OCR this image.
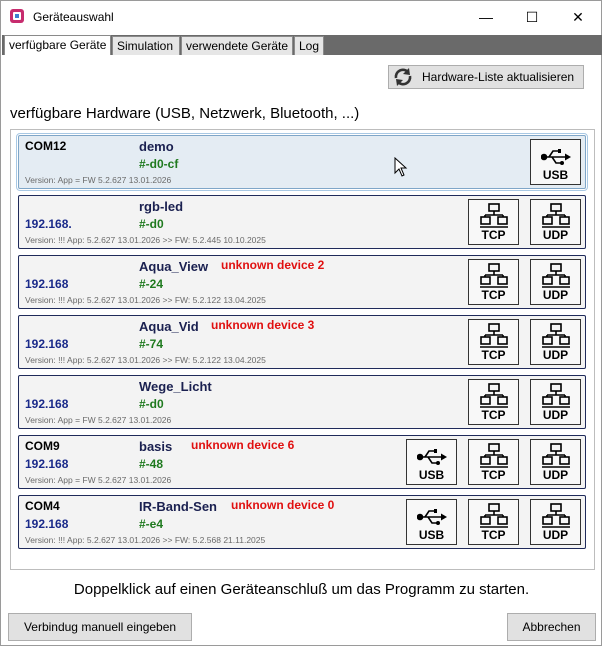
Geräteauswahl	— ☐ ✕
verfügbare Geräte Simulation	verwendete Geräte Log
Hardware-Liste aktualisieren
verfügbare Hardware (USB, Netzwerk, Bluetooth, ...)
COM12	demo
#-d0-cf
Version: App = FW 5.2.627 13.01.2026	USB
192.168.
rgb-led
#-d0
Version: !!! App: 5.2.627 13.01.2026 >> FW: 5.2.445 10.10.2025	TCP	UDP
192.168
Aqua_View unknown device 2
#-24
Version: !!! App: 5.2.627 13.01.2026 >> FW: 5.2.122 13.04.2025	TCP	UDP
192.168
Aqua_Vid unknown device 3
#-74
Version: !!! App: 5.2.627 13.01.2026 >> FW: 5.2.122 13.04.2025	TCP	UDP
192.168
Wege_Licht
#-d0
Version: App = FW 5.2.627 13.01.2026	TCP	UDP
COM9
192.168
basis unknown device 6
#-48
Version: App = FW 5.2.627 13.01.2026	USB	TCP	UDP
COM4
192.168
IR-Band-Sen unknown device 0
#-e4
Version: !!! App: 5.2.627 13.01.2026 >> FW: 5.2.568 21.11.2025	USB	TCP	UDP
Doppelklick auf einen Geräteanschluß um das Programm zu starten.
Verbindug manuell eingeben	Abbrechen
